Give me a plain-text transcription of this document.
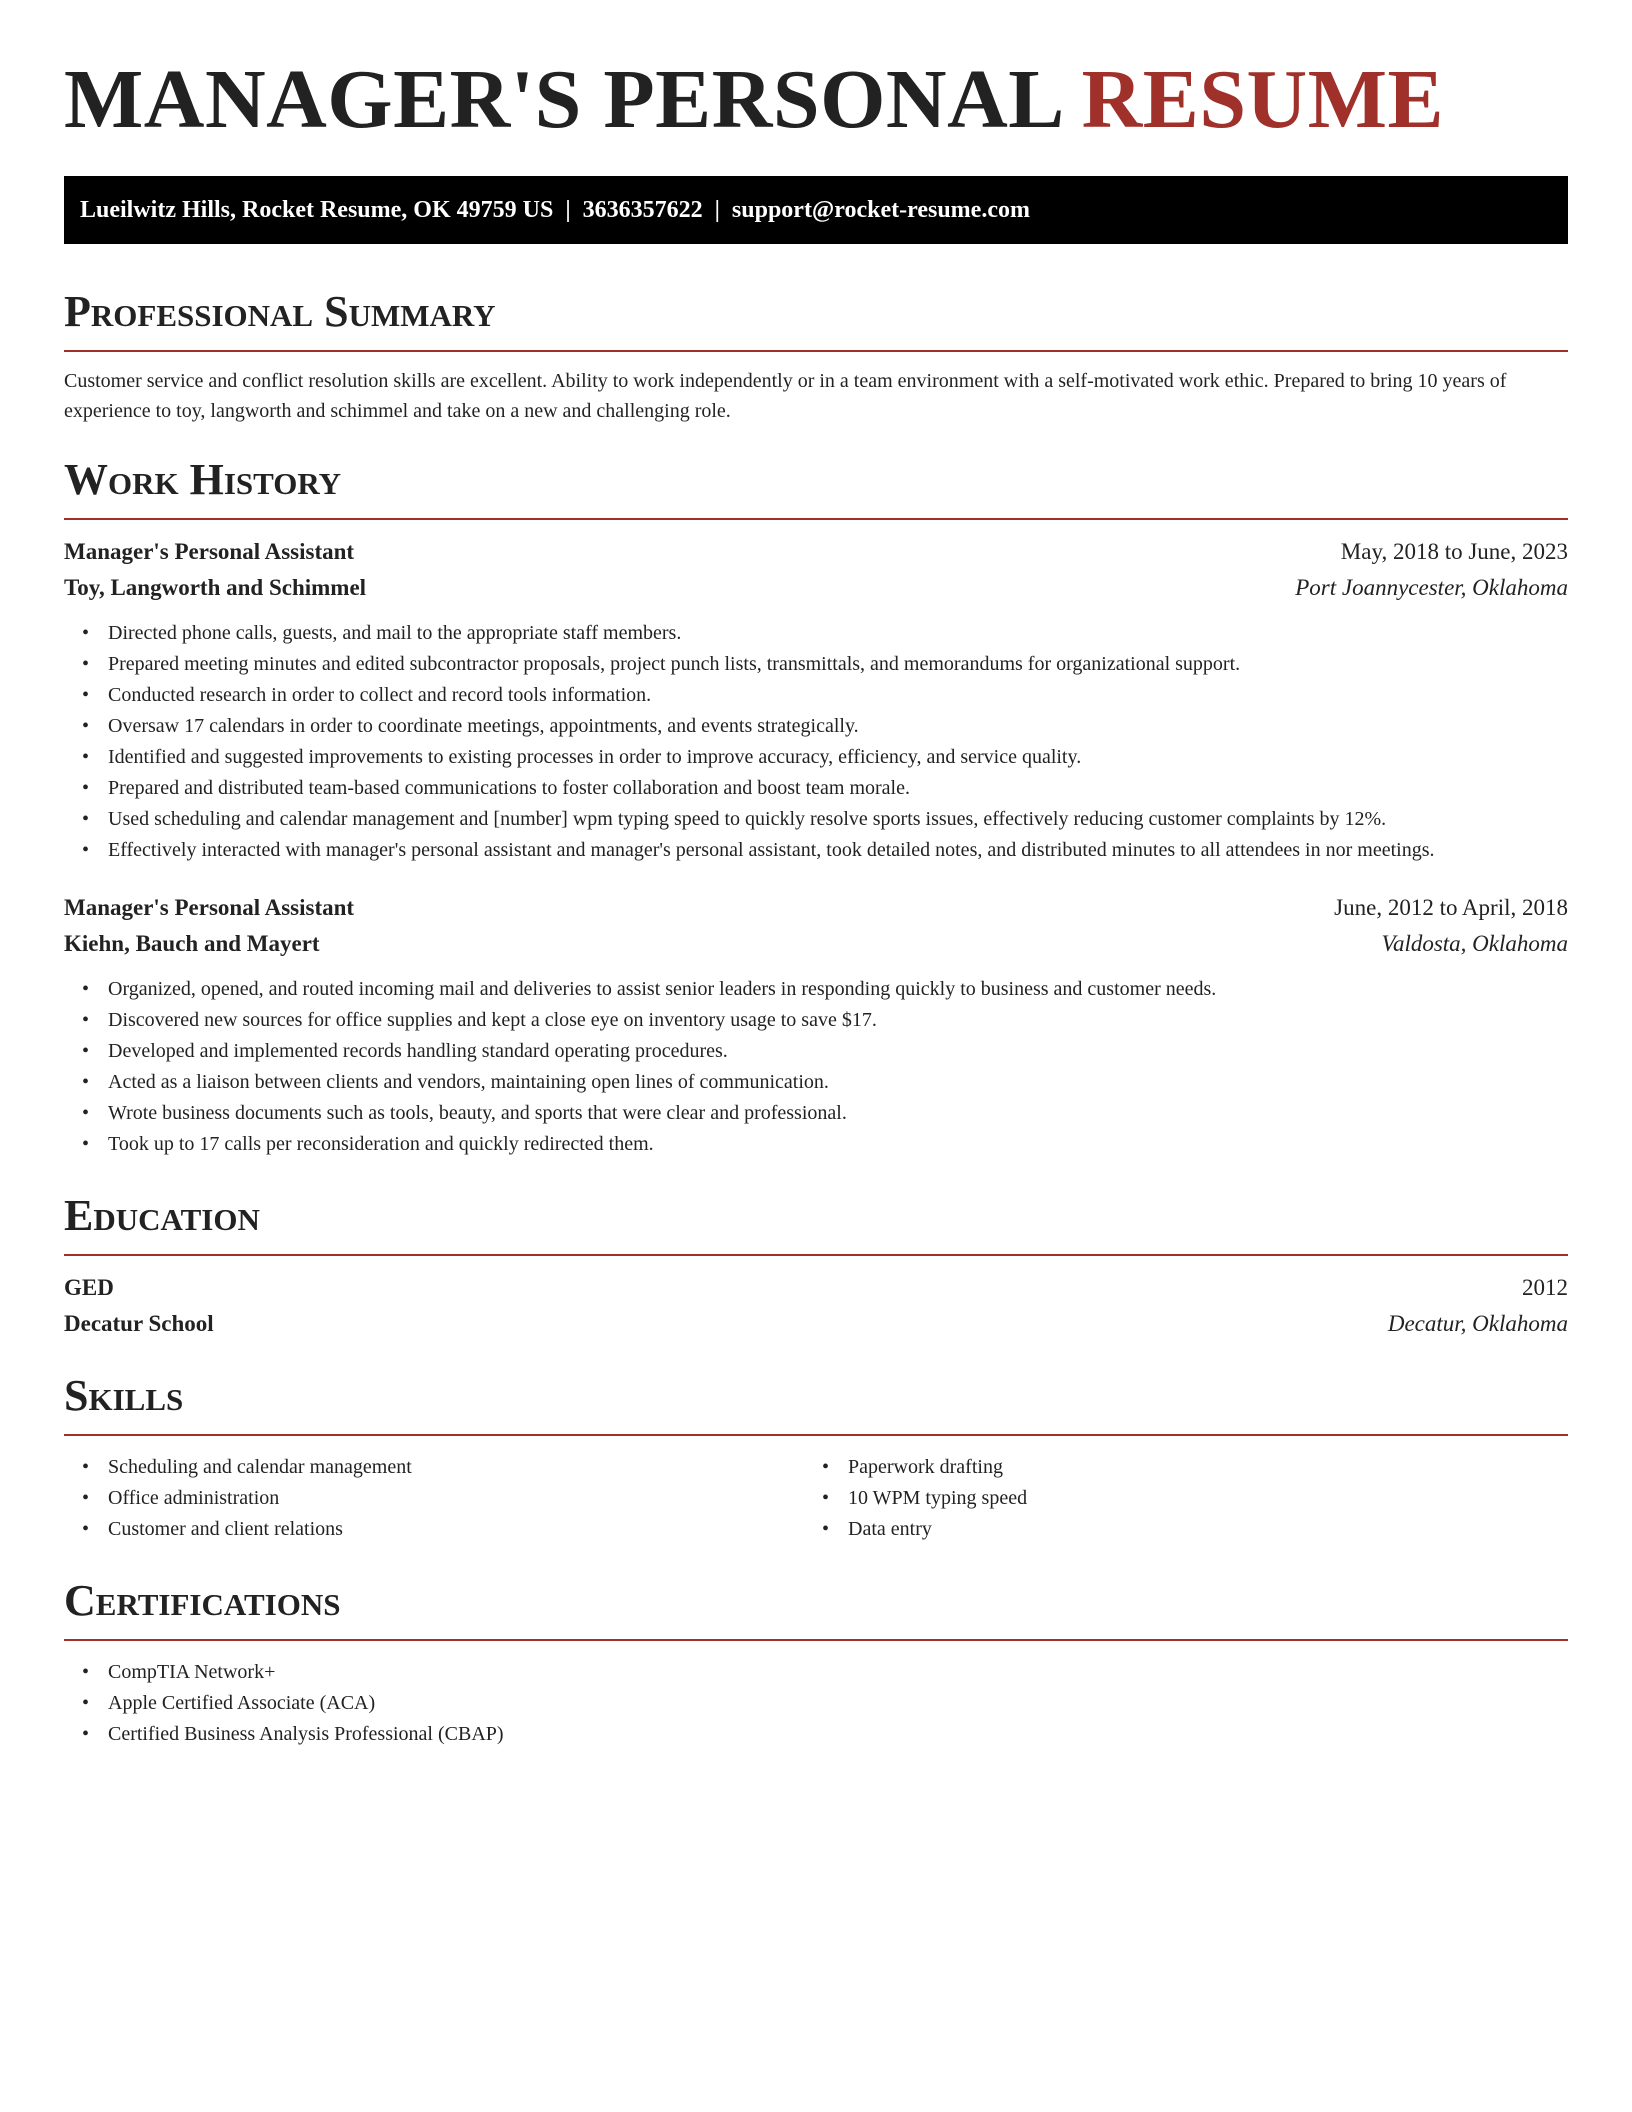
MANAGER'S PERSONAL RESUME
Lueilwitz Hills, Rocket Resume, OK 49759 US | 3636357622 | support@rocket-resume.com
Professional Summary

Customer service and conflict resolution skills are excellent. Ability to work independently or in a team environment with a self-motivated work ethic. Prepared to bring 10 years of experience to toy, langworth and schimmel and take on a new and challenging role.

Work History
Manager's Personal Assistant	May, 2018 to June, 2023
Toy, Langworth and Schimmel	Port Joannycester, Oklahoma
• Directed phone calls, guests, and mail to the appropriate staff members.
• Prepared meeting minutes and edited subcontractor proposals, project punch lists, transmittals, and memorandums for organizational support.
• Conducted research in order to collect and record tools information.
• Oversaw 17 calendars in order to coordinate meetings, appointments, and events strategically.
• Identified and suggested improvements to existing processes in order to improve accuracy, efficiency, and service quality.
• Prepared and distributed team-based communications to foster collaboration and boost team morale.
• Used scheduling and calendar management and [number] wpm typing speed to quickly resolve sports issues, effectively reducing customer complaints by 12%.
• Effectively interacted with manager's personal assistant and manager's personal assistant, took detailed notes, and distributed minutes to all attendees in nor meetings.
Manager's Personal Assistant	June, 2012 to April, 2018
Kiehn, Bauch and Mayert	Valdosta, Oklahoma
• Organized, opened, and routed incoming mail and deliveries to assist senior leaders in responding quickly to business and customer needs.
• Discovered new sources for office supplies and kept a close eye on inventory usage to save $17.
• Developed and implemented records handling standard operating procedures.
• Acted as a liaison between clients and vendors, maintaining open lines of communication.
• Wrote business documents such as tools, beauty, and sports that were clear and professional.
• Took up to 17 calls per reconsideration and quickly redirected them.
Education
GED	2012
Decatur School	Decatur, Oklahoma
Skills
• Scheduling and calendar management
• Office administration
• Customer and client relations
• Paperwork drafting
• 10 WPM typing speed
• Data entry
Certifications
• CompTIA Network+
• Apple Certified Associate (ACA)
• Certified Business Analysis Professional (CBAP)
